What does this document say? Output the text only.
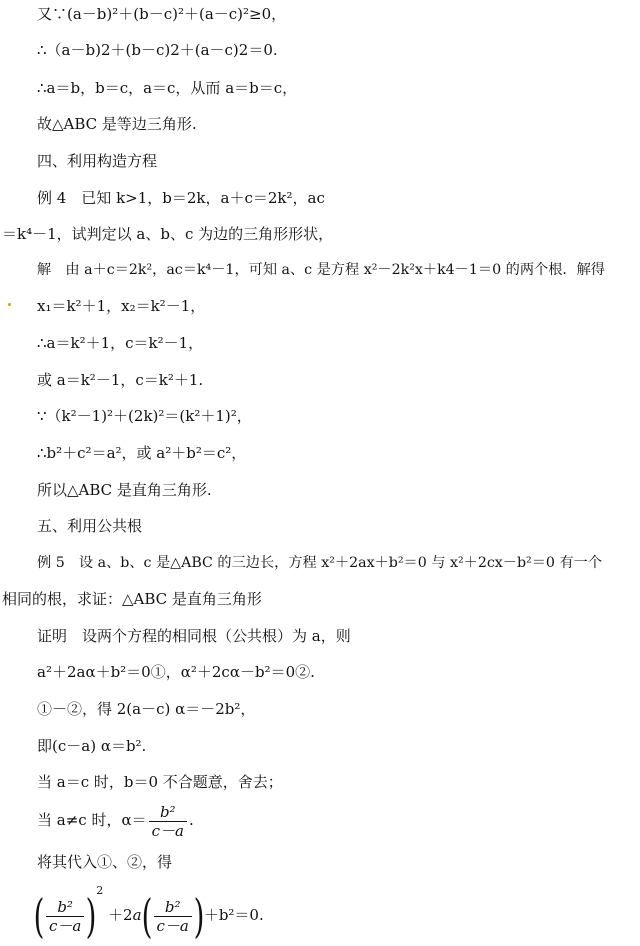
又∵(a－b)²＋(b－c)²＋(a－c)²≥0，
∴（a－b)2＋(b－c)2＋(a－c)2＝0.
∴a＝b，b＝c，a＝c，从而 a＝b＝c，
故△ABC 是等边三角形.
四、利用构造方程
例 4　已知 k>1，b＝2k，a＋c＝2k²，ac
＝k⁴－1，试判定以 a、b、c 为边的三角形形状，
解　由 a＋c＝2k²，ac＝k⁴－1，可知 a、c 是方程 x²－2k²x＋k4－1＝0 的两个根．解得
x₁＝k²＋1，x₂＝k²－1，
∴a＝k²＋1，c＝k²－1，
或 a＝k²－1，c＝k²＋1.
∵（k²－1)²＋(2k)²＝(k²＋1)²，
∴b²＋c²＝a²，或 a²＋b²＝c²，
所以△ABC 是直角三角形.
五、利用公共根
例 5　设 a、b、c 是△ABC 的三边长，方程 x²＋2ax＋b²＝0 与 x²＋2cx－b²＝0 有一个
相同的根，求证：△ABC 是直角三角形
证明　设两个方程的相同根（公共根）为 a，则
a²＋2aα＋b²＝0①，α²＋2cα－b²＝0②.
①－②，得 2(a－c) α＝－2b²，
即(c－a) α＝b².
当 a＝c 时，b＝0 不合题意，舍去；
当 a≠c 时，$\alpha= \frac{\text{b²}}{c-a}$ .
将其代入①、②，得
( $\frac{\text{b²}}{c-a} )^2 +2a( \frac{\text{b²}}{c-a} )+b^2=0$.
